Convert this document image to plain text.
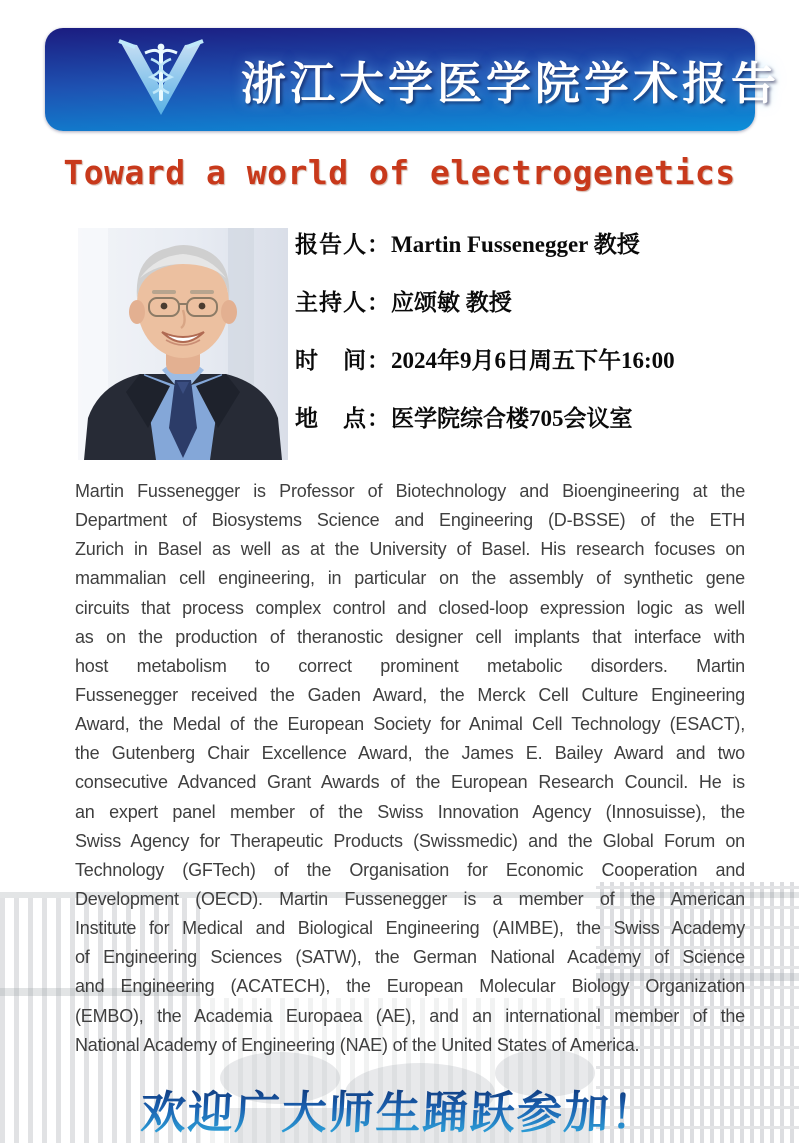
浙江大学医学院学术报告
Toward a world of electrogenetics
报告人： Martin Fussenegger 教授
主持人： 应颂敏 教授
时　间： 2024年9月6日周五下午16:00
地　点： 医学院综合楼705会议室
Martin Fussenegger is Professor of Biotechnology and Bioengineering at the
Department of Biosystems Science and Engineering (D-BSSE) of the ETH
Zurich in Basel as well as at the University of Basel. His research focuses on
mammalian cell engineering, in particular on the assembly of synthetic gene
circuits that process complex control and closed-loop expression logic as well
as on the production of theranostic designer cell implants that interface with
host metabolism to correct prominent metabolic disorders. Martin
Fussenegger received the Gaden Award, the Merck Cell Culture Engineering
Award, the Medal of the European Society for Animal Cell Technology (ESACT),
the Gutenberg Chair Excellence Award, the James E. Bailey Award and two
consecutive Advanced Grant Awards of the European Research Council. He is
an expert panel member of the Swiss Innovation Agency (Innosuisse), the
Swiss Agency for Therapeutic Products (Swissmedic) and the Global Forum on
Technology (GFTech) of the Organisation for Economic Cooperation and
Development (OECD). Martin Fussenegger is a member of the American
Institute for Medical and Biological Engineering (AIMBE), the Swiss Academy
of Engineering Sciences (SATW), the German National Academy of Science
and Engineering (ACATECH), the European Molecular Biology Organization
(EMBO), the Academia Europaea (AE), and an international member of the
National Academy of Engineering (NAE) of the United States of America.
欢迎广大师生踊跃参加！
